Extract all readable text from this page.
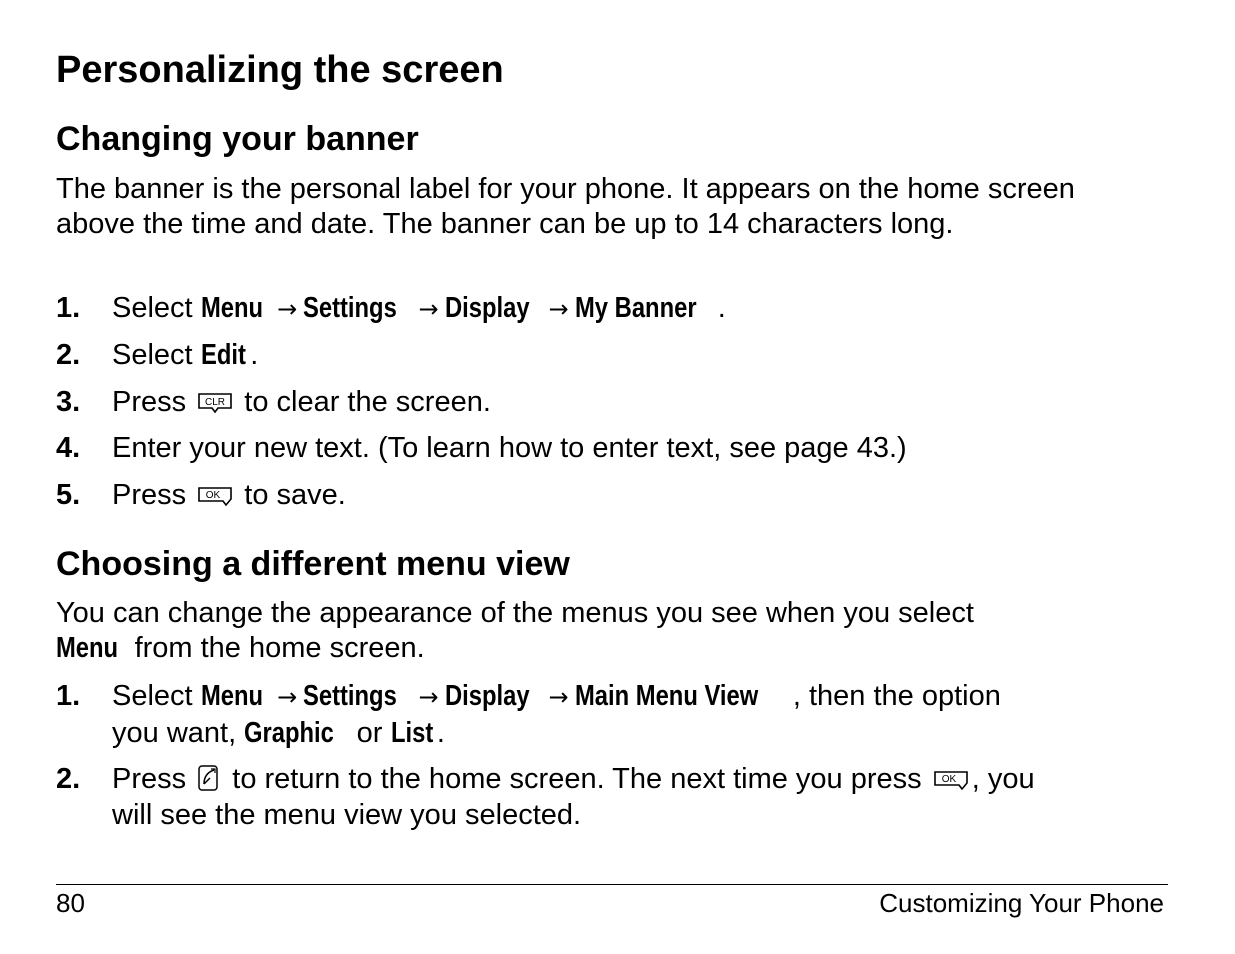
Personalizing the screen
Changing your banner

The banner is the personal label for your phone. It appears on the home screen above the time and date. The banner can be up to 14 characters long.

1. Select Menu → Settings → Display → My Banner .
2. Select Edit .
3. Press CLR to clear the screen.
4. Enter your new text. (To learn how to enter text, see page 43.)
5. Press OK to save.
Choosing a different menu view

You can change the appearance of the menus you see when you select
Menu from the home screen.

1. Select Menu → Settings → Display → Main Menu View , then the option
you want, Graphic or List .
2. Press to return to the home screen. The next time you press OK , you
will see the menu view you selected.
80	Customizing Your Phone
